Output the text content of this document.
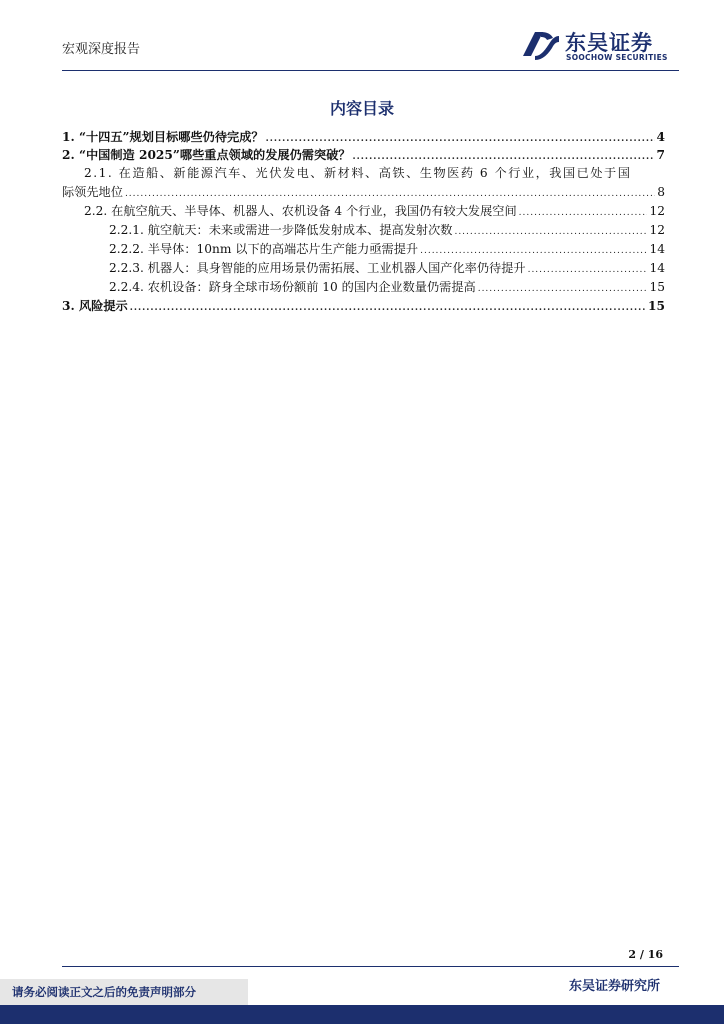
宏观深度报告	东吴证券
SOOCHOW SECURITIES
内容目录
1. “十四五”规划目标哪些仍待完成？ .....	4
2. “中国制造 2025”哪些重点领域的发展仍需突破？ .....	7
2.1. 在造船、新能源汽车、光伏发电、新材料、高铁、生物医药 6 个行业，我国已处于国
际领先地位 .....	8
2.2. 在航空航天、半导体、机器人、农机设备 4 个行业，我国仍有较大发展空间 .....	12
2.2.1. 航空航天：未来或需进一步降低发射成本、提高发射次数 .....	12
2.2.2. 半导体：10nm 以下的高端芯片生产能力亟需提升 .....	14
2.2.3. 机器人：具身智能的应用场景仍需拓展、工业机器人国产化率仍待提升 .....	14
2.2.4. 农机设备：跻身全球市场份额前 10 的国内企业数量仍需提高 .....	15
3. 风险提示 .....	15
2 / 16
请务必阅读正文之后的免责声明部分	东吴证券研究所
